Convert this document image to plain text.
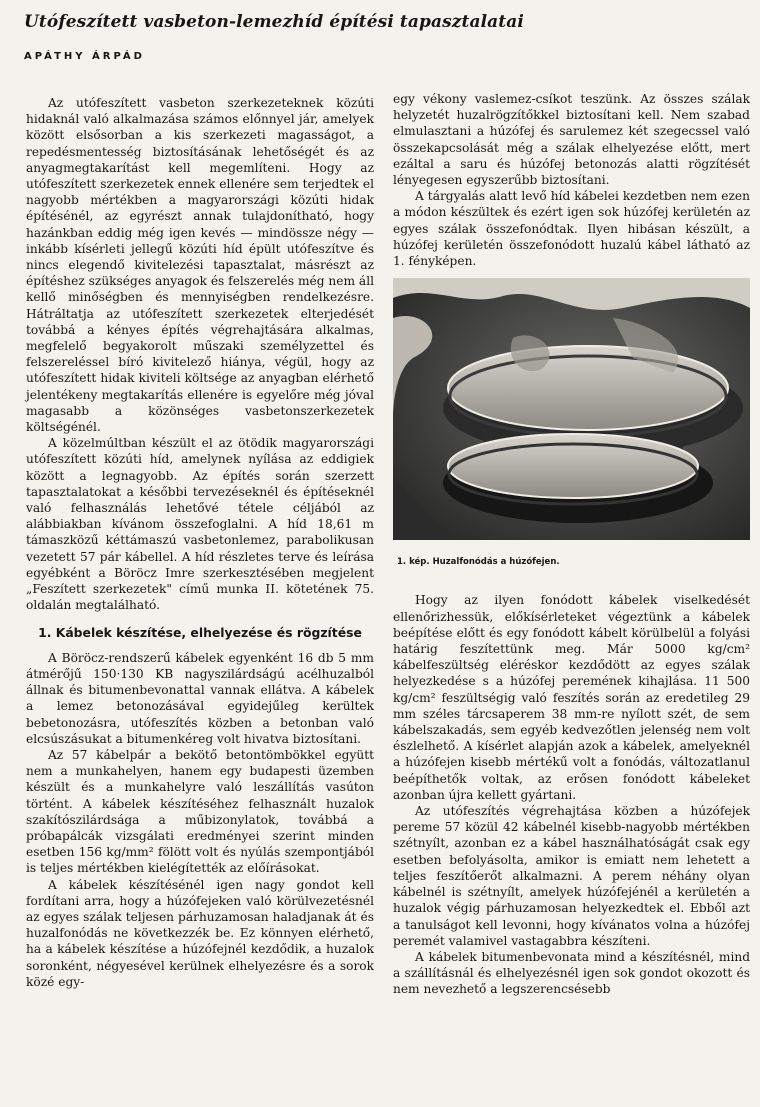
Utófeszített vasbeton-lemezhíd építési tapasztalatai
APÁTHY ÁRPÁD

Az utófeszített vasbeton szerkezeteknek közúti hidaknál való alkalmazása számos előnnyel jár, amelyek között elsősorban a kis szerkezeti magasságot, a repedésmentesség biztosításának lehetőségét és az anyagmegtakarítást kell megemlíteni. Hogy az utófeszített szerkezetek ennek ellenére sem terjedtek el nagyobb mértékben a magyarországi közúti hidak építésénél, az egyrészt annak tulajdonítható, hogy hazánkban eddig még igen kevés — mindössze négy — inkább kísérleti jellegű közúti híd épült utófeszítve és nincs elegendő kivitelezési tapasztalat, másrészt az építéshez szükséges anyagok és felszerelés még nem áll kellő minőségben és mennyiségben rendelkezésre. Hátráltatja az utófeszített szerkezetek elterjedését továbbá a kényes építés végrehajtására alkalmas, megfelelő begyakorolt műszaki személyzettel és felszereléssel bíró kivitelező hiánya, végül, hogy az utófeszített hidak kiviteli költsége az anyagban elérhető jelentékeny megtakarítás ellenére is egyelőre még jóval magasabb a közönséges vasbetonszerkezetek költségénél.

A közelmúltban készült el az ötödik magyarországi utófeszített közúti híd, amelynek nyílása az eddigiek között a legnagyobb. Az építés során szerzett tapasztalatokat a későbbi tervezéseknél és építéseknél való felhasználás lehetővé tétele céljából az alábbiakban kívánom összefoglalni. A híd 18,61 m támaszközű kéttámaszú vasbetonlemez, parabolikusan vezetett 57 pár kábellel. A híd részletes terve és leírása egyébként a Böröcz Imre szerkesztésében megjelent „Feszített szerkezetek" című munka II. kötetének 75. oldalán megtalálható.

1. Kábelek készítése, elhelyezése és rögzítése

A Böröcz-rendszerű kábelek egyenként 16 db 5 mm átmérőjű 150·130 KB nagyszilárdságú acélhuzalból állnak és bitumenbevonattal vannak ellátva. A kábelek a lemez betonozásával egyidejűleg kerültek bebetonozásra, utófeszítés közben a betonban való elcsúszásukat a bitumenkéreg volt hivatva biztosítani.

Az 57 kábelpár a bekötő betontömbökkel együtt nem a munkahelyen, hanem egy budapesti üzemben készült és a munkahelyre való leszállítás vasúton történt. A kábelek készítéséhez felhasznált huzalok szakítószilárdsága a műbizonylatok, továbbá a próbapálcák vizsgálati eredményei szerint minden esetben 156 kg/mm² fölött volt és nyúlás szempontjából is teljes mértékben kielégítették az előírásokat.

A kábelek készítésénél igen nagy gondot kell fordítani arra, hogy a húzófejeken való körülvezetésnél az egyes szálak teljesen párhuzamosan haladjanak át és huzalfonódás ne következzék be. Ez könnyen elérhető, ha a kábelek készítése a húzófejnél kezdődik, a huzalok soronként, négyesével kerülnek elhelyezésre és a sorok közé egy-

egy vékony vaslemez-csíkot teszünk. Az összes szálak helyzetét huzalrögzítőkkel biztosítani kell. Nem szabad elmulasztani a húzófej és sarulemez két szegecssel való összekapcsolását még a szálak elhelyezése előtt, mert ezáltal a saru és húzófej betonozás alatti rögzítését lényegesen egyszerűbb biztosítani.

A tárgyalás alatt levő híd kábelei kezdetben nem ezen a módon készültek és ezért igen sok húzófej kerületén az egyes szálak összefonódtak. Ilyen hibásan készült, a húzófej kerületén összefonódott huzalú kábel látható az 1. fényképen.

1. kép. Huzalfonódás a húzófejen.

Hogy az ilyen fonódott kábelek viselkedését ellenőrizhessük, előkísérleteket végeztünk a kábelek beépítése előtt és egy fonódott kábelt körülbelül a folyási határig feszítettünk meg. Már 5000 kg/cm² kábelfeszültség eléréskor kezdődött az egyes szálak helyezkedése s a húzófej peremének kihajlása. 11 500 kg/cm² feszültségig való feszítés során az eredetileg 29 mm széles tárcsaperem 38 mm-re nyílott szét, de sem kábelszakadás, sem egyéb kedvezőtlen jelenség nem volt észlelhető. A kísérlet alapján azok a kábelek, amelyeknél a húzófejen kisebb mértékű volt a fonódás, változatlanul beépíthetők voltak, az erősen fonódott kábeleket azonban újra kellett gyártani.

Az utófeszítés végrehajtása közben a húzófejek pereme 57 közül 42 kábelnél kisebb-nagyobb mértékben szétnyílt, azonban ez a kábel használhatóságát csak egy esetben befolyásolta, amikor is emiatt nem lehetett a teljes feszítőerőt alkalmazni. A perem néhány olyan kábelnél is szétnyílt, amelyek húzófejénél a kerületén a huzalok végig párhuzamosan helyezkedtek el. Ebből azt a tanulságot kell levonni, hogy kívánatos volna a húzófej peremét valamivel vastagabbra készíteni.

A kábelek bitumenbevonata mind a készítésnél, mind a szállításnál és elhelyezésnél igen sok gondot okozott és nem nevezhető a legszerencsésebb
